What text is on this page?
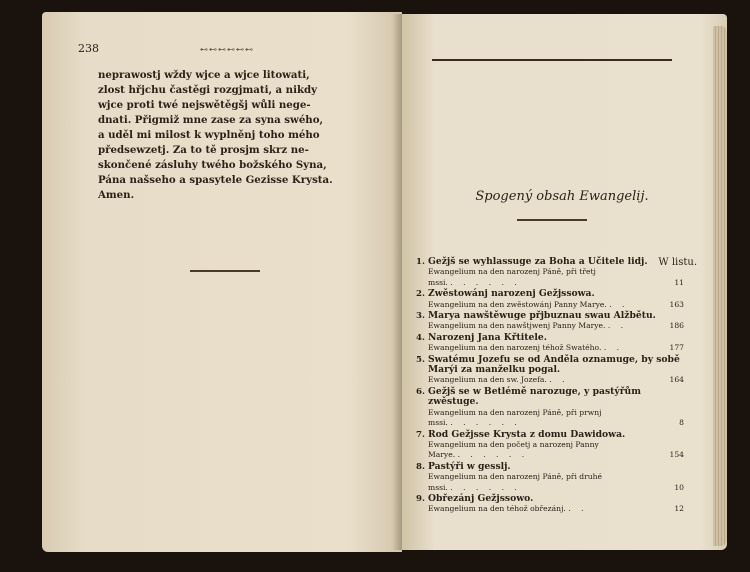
238	⊷⊷⊷⊷⊷⊷
neprawostj wždy wjce a wjce litowati,
zlost hřjchu častěgi rozgjmati, a nikdy
wjce proti twé nejswětěgšj wůli nege-
dnati. Přigmiž mne zase za syna swého,
a uděl mi milost k wyplněnj toho mého
předsewzetj. Za to tě prosjm skrz ne-
skončené zásluhy twého božského Syna,
Pána našseho a spasytele Gezisse Krysta.
Amen.	Spogený obsah Ewangelij.
W listu.
1. Gežjš se wyhlassuge za Boha a Učitele lidj.
Ewangelium na den narozenj Páně, při třetj
mssi. . . . . . .	11
2. Zwěstowánj narozenj Gežjssowa.
Ewangelium na den zwěstowánj Panny Marye. . .	163
3. Marya nawštěwuge přjbuznau swau Alžbětu.
Ewangelium na den nawštjwenj Panny Marye. . .	186
4. Narozenj Jana Křtitele.
Ewangelium na den narozenj téhož Swatého. . .	177
5. Swatému Jozefu se od Anděla oznamuge, by sobě Marýi za manželku pogal.
Ewangelium na den sw. Jozefa. . .	164
6. Gežjš se w Betlémě narozuge, y pastýřům zwěstuge.
Ewangelium na den narozenj Páně, při prwnj
mssi. . . . . . .	8
7. Rod Gežjsse Krysta z domu Dawidowa.
Ewangelium na den početj a narozenj Panny
Marye. . . . . . .	154
8. Pastýři w gesslj.
Ewangelium na den narozenj Páně, při druhé
mssi. . . . . . .	10
9. Obřezánj Gežjssowo.
Ewangelium na den téhož obřezánj. . .	12
